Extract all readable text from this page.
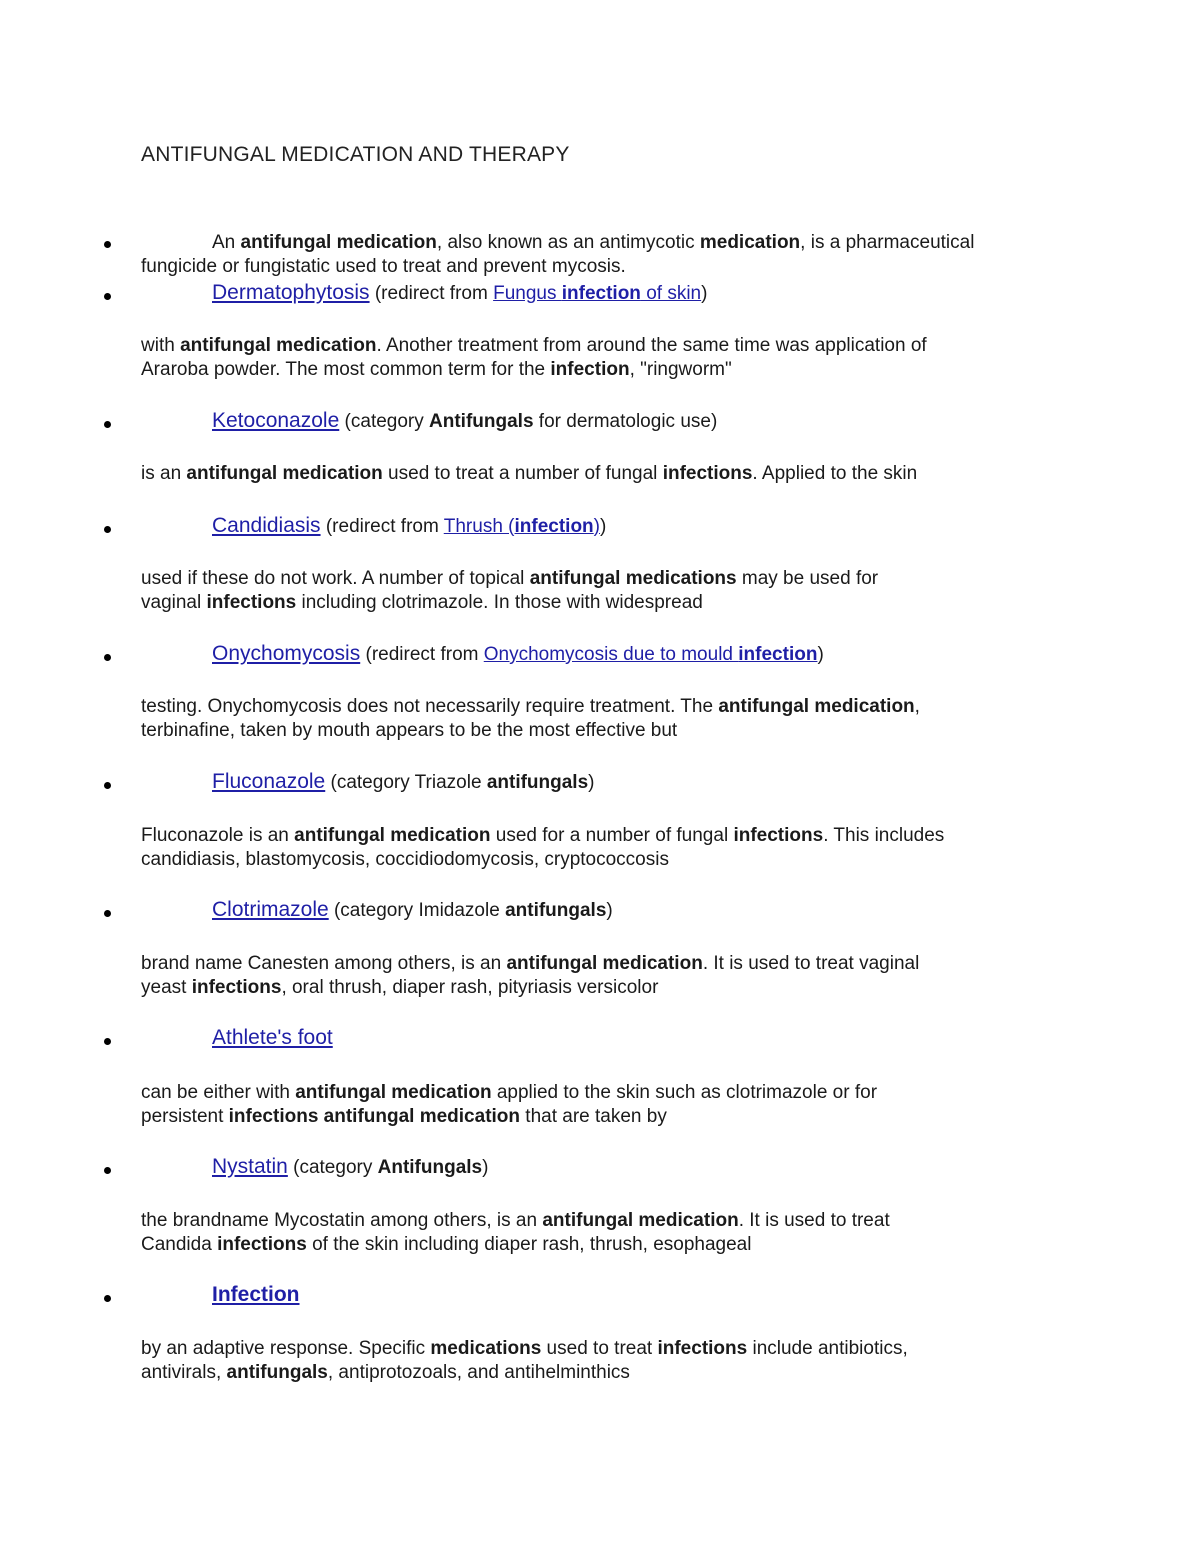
ANTIFUNGAL MEDICATION AND THERAPY
An antifungal medication, also known as an antimycotic medication, is a pharmaceutical
fungicide or fungistatic used to treat and prevent mycosis.
Dermatophytosis (redirect from Fungus infection of skin)
with antifungal medication. Another treatment from around the same time was application of
Araroba powder. The most common term for the infection, "ringworm"
Ketoconazole (category Antifungals for dermatologic use)
is an antifungal medication used to treat a number of fungal infections. Applied to the skin
Candidiasis (redirect from Thrush (infection))
used if these do not work. A number of topical antifungal medications may be used for
vaginal infections including clotrimazole. In those with widespread
Onychomycosis (redirect from Onychomycosis due to mould infection)
testing. Onychomycosis does not necessarily require treatment. The antifungal medication,
terbinafine, taken by mouth appears to be the most effective but
Fluconazole (category Triazole antifungals)
Fluconazole is an antifungal medication used for a number of fungal infections. This includes
candidiasis, blastomycosis, coccidiodomycosis, cryptococcosis
Clotrimazole (category Imidazole antifungals)
brand name Canesten among others, is an antifungal medication. It is used to treat vaginal
yeast infections, oral thrush, diaper rash, pityriasis versicolor
Athlete's foot
can be either with antifungal medication applied to the skin such as clotrimazole or for
persistent infections antifungal medication that are taken by
Nystatin (category Antifungals)
the brandname Mycostatin among others, is an antifungal medication. It is used to treat
Candida infections of the skin including diaper rash, thrush, esophageal
Infection
by an adaptive response. Specific medications used to treat infections include antibiotics,
antivirals, antifungals, antiprotozoals, and antihelminthics
